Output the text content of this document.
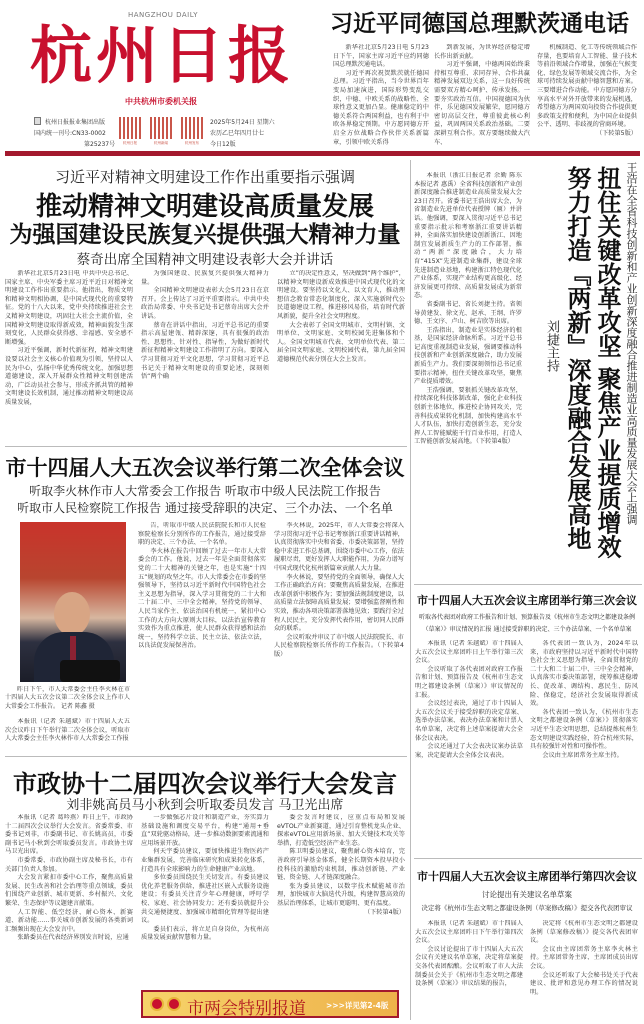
HANGZHOU DAILY
杭州日报
中共杭州市委机关报
杭州日报报业集团出版
国内统一刊号:CN33-0002
第25237号	杭州日报	杭州新闻	杭州发布
2025年5月24日 星期六
农历乙巳年四月廿七
今日12版
习近平同德国总理默茨通电话

新华社北京5月23日电 5月23日下午，国家主席习近平应约同德国总理默茨通电话。

习近平再次祝贺默茨就任德国总理。习近平指出，当今世界百年变局加速演进，国际形势变乱交织，中德、中欧关系的战略性、全球性意义更加凸显。健康稳定的中德关系符合两国利益，也有利于中欧各界稳定预期。中方愿同德方开启全方位战略合作伙伴关系新篇章，引领中欧关系得

到新发展，为世界经济稳定增长作出新贡献。

习近平强调，中德两国始终秉持相互尊重、求同存异、合作共赢精神发展双边关系，这一良好传统需要双方精心呵护、传承发扬。一要夯实政治互信。中国视德国为伙伴，乐见德国发展繁荣，愿同德方密切高层交往，尊重彼此核心利益，巩固两国关系政治基础。二要深耕互利合作。双方要继续做大汽车、

机械制造、化工等传统领域合作存量，也要培育人工智能、量子技术等前沿领域合作增量，加强在气候变化、绿色发展等领域交流合作，为全球可持续发展贡献中德智慧和方案。三要增进合作动能。中方愿同德方分享高水平对外开放带来的发展机遇，希望德方为两国双向投资合作提供更多政策支持和便利，为中国企业提供公平、透明、非歧视的营商环境。

（下转第5版）

习近平对精神文明建设工作作出重要指示强调
推动精神文明建设高质量发展
为强国建设民族复兴提供强大精神力量
蔡奇出席全国精神文明建设表彰大会并讲话

新华社北京5月23日电 中共中央总书记、国家主席、中央军委主席习近平近日对精神文明建设工作作出重要指示。他指出，物质文明和精神文明相协调，是中国式现代化的重要特征。党的十八大以来，党中央持续推进社会主义精神文明建设，巩固壮大社会主流价值，全国精神文明建设取得新成效，精神面貌发生深刻变化，人民群众获得感、幸福感、安全感不断增强。

习近平强调，新时代新征程，精神文明建设要以社会主义核心价值观为引领，坚持以人民为中心，弘扬中华优秀传统文化，加强思想道德建设，深入开展群众性精神文明创建活动，广泛动员社会参与，形成齐抓共管的精神文明建设长效机制，通过推动精神文明建设高质量发展，

为强国建设、民族复兴提供强大精神力量。

全国精神文明建设表彰大会5月23日在京召开。会上传达了习近平重要指示。中共中央政治局常委、中央书记处书记蔡奇出席大会并讲话。

蔡奇在讲话中指出，习近平总书记的重要指示高屋建瓴、精辟深邃，具有很强的政治性、思想性、针对性、指导性，为做好新时代新征程精神文明建设工作指明了方向。要深入学习贯彻习近平文化思想，学习贯彻习近平总书记关于精神文明建设的重要论述，深刻领悟“两个确

立”的决定性意义，坚决做到“两个维护”，以精神文明建设新成效推进中国式现代化的文明建设。要坚持以文化人、以文育人，推动理想信念教育常态化制度化，深入实施新时代公民道德建设工程，推进移风易俗，培育时代新风新貌，提升全社会文明程度。

大会表彰了全国文明城市、文明村镇、文明单位、文明家庭、文明校园先进集体和个人。全国文明城市代表、文明单位代表、第二届全国文明家庭、文明校园代表，第九届全国道德模范代表分别在大会上发言。

本报讯（浙江日报记者 余勤 陈东 本报记者 惠禹）全省科技创新和产业创新深度融合推进制造业高质量发展大会23日召开。省委书记王浩出席大会，为省制造业先进单位代表授牌（匾）并讲话。他强调，要深入贯彻习近平总书记重要指示批示和考察浙江重要讲话精神，全面落实加快建设创新浙江、因地制宜发展新质生产力的工作部署，推动“两新”深度融合，大力培育“415X”先进制造业集群，建设全球先进制造业基地，构建浙江特色现代化产业体系，实现产业结构更高级化、经济发展更可持续、高质量发展成为新常态。

省委副书记、省长刘捷主持。省领导黄建发、徐文光、赵承、王纲、许罗德、王文序、卢山、柯吉欣等出席。

王浩指出，制造业是实体经济的根基，是国家经济命脉所系。习近平总书记高度重视制造业发展，强调要推动科技创新和产业创新深度融合，助力发展新质生产力。我们要深刻领悟总书记重要指示精神，扭住关键改革攻坚，聚焦产业提质增效。

王浩强调，要狠抓关键改革攻坚，持续深化科技体制改革，强化企业科技创新主体地位，推进校企协同攻关，完善科技成果转化机制，加快构建高水平人才队伍，加快打造创新生态，充分发挥人工智能赋能千行百业作用，打造人工智能创新发展高地。（下转第4版）	王浩在全省科技创新和产业创新深度融合推进制造业高质量发展大会上强调
扭住关键改革攻坚 聚焦产业提质增效
努力打造『两新』深度融合发展高地
刘捷主持
市十四届人大五次会议举行第二次全体会议
听取李火林作市人大常委会工作报告 听取市中级人民法院工作报告
听取市人民检察院工作报告 通过接受辞职的决定、三个办法、一个名单

昨日下午，市人大常委会主任李火林在市十四届人大五次会议第二次全体会议上作市人大常委会工作报告。 记者 陈鑫 摄

本报讯（记者 朱越斌）市十四届人大五次会议昨日下午举行第二次全体会议，听取市人大常委会主任李火林作市人大常委会工作报

告，听取市中级人民法院院长和市人民检察院检察长分别所作的工作报告，通过接受辞职的决定、三个办法、一个名单。

李火林在报告中回顾了过去一年市人大常委会的工作。他说，过去一年是全面贯彻落实党的二十大精神的关键之年，也是实施“十四五”规划的攻坚之年。市人大常委会在市委的坚强领导下，坚持以习近平新时代中国特色社会主义思想为指导，深入学习贯彻党的二十大和二十届二中、三中全会精神，坚持党的领导、人民当家作主、依法治国有机统一，紧扣中心工作的大方向大原则大目标，以法治宣传教育实效作为重点推进，使人民群众获得感和法治统一，坚持科学立法、民主立法、依法立法，以良法促发展保善治。

李火林说，2025年，市人大常委会将深入学习贯彻习近平总书记考察浙江重要讲话精神，认真贯彻落实中央和省委、市委决策部署，坚持稳中求进工作总基调，围绕市委中心工作，依法履职尽责，更好发挥人大职能作用，为奋力谱写中国式现代化杭州新篇章贡献人大力量。

李火林说，要坚持党的全面领导，确保人大工作正确政治方向；要聚焦高质量发展，在推进改革创新中积极作为；要加强法规制度建设，以高质量立法保障高质量发展；要增强监督刚性和实效，推动各项决策部署落地见效；要践行全过程人民民主，充分发挥代表作用，密切同人民群众的联系。

会议听取并审议了市中级人民法院院长、市人民检察院检察长所作的工作报告。（下转第4版）

市政协十二届四次会议举行大会发言
刘非姚高员马小秋到会听取委员发言 马卫光出席

本报讯（记者 葛吟燕）昨日上午，市政协十二届四次会议举行大会发言。省委常委、市委书记刘非，市委副书记、市长姚高员，市委副书记马小秋到会听取委员发言。市政协主席马卫光出席。

市委常委、市政协副主席及秘书长，市有关部门负责人参加。

大会发言紧扣市委中心工作，聚焦高质量发展、民生改善和社会治理等重点领域，委员们围绕产业创新、城市更新、乡村振兴、文化繁荣、生态保护等议题建言献策。

人工智能、低空经济、耐心资本、新赛道、新动能……事关城市创新发展的各类新词汇频频出现在大会发言中。

张路委员在代表经济界别发言时说，应通

一步做强芯片设计和制造产业，夯实算力基础设施和调度交易平台，构建“通用+垂直”双轮驱动格局，进一步推动数据要素流通和应用场景开放。

何天宇委员建议，要加快推进生物医药产业集群发展，完善临床研究和成果转化体系，打造具有全球影响力的生命健康产业高地。

多位委员围绕民生关切发言。有委员建议优化养老服务供给，推进社区嵌入式服务设施建设；有委员关注青少年心理健康，呼吁学校、家庭、社会协同发力；还有委员就提升公共交通便捷度、加强城市精细化管理等提出建议。

委员们表示，将立足自身岗位，为杭州高质量发展贡献智慧和力量。

委会发言时建议，应重点布局和发展eVTOL产业新赛道，通过引育整机龙头企业、探索eVTOL应用新场景、加大关键技术攻关等举措，打造低空经济产业生态。

陈卫明委员建议，聚焦耐心资本培育，完善政府引导基金体系，健全长期资本投早投小投科技的激励约束机制，推动创新链、产业链、资金链、人才链深度融合。

张为委员建议，以数字技术赋能城市治理，加快城市大脑迭代升级，构建智慧高效的基层治理体系，让城市更聪明、更有温度。

（下转第4版）

市两会特别报道	>>>详见第2-4版
市十四届人大五次会议主席团举行第三次会议
听取各代表团对政府工作报告和计划、预算报告及《杭州市生态文明之都建设条例
（草案）》审议情况的汇报 通过接受辞职的决定、三个办法草案、一个名单草案

本报讯（记者 朱越斌）市十四届人大五次会议主席团昨日上午举行第三次会议。

会议听取了各代表团对政府工作报告和计划、预算报告及《杭州市生态文明之都建设条例（草案）》审议情况的汇报。

会议经过表决，通过了市十四届人大五次会议关于接受辞职的决定草案、选举办法草案、表决办法草案和计票人名单草案，决定将上述草案提请大会全体会议表决。

会议还通过了大会表决议案办法草案，决定提请大会全体会议表决。

各代表团一致认为，2024年以来，市政府坚持以习近平新时代中国特色社会主义思想为指导，全面贯彻党的二十大和二十届二中、三中全会精神，认真落实市委决策部署，统筹推进稳增长、促改革、调结构、惠民生、防风险、保稳定，经济社会发展取得新成效。

各代表团一致认为，《杭州市生态文明之都建设条例（草案）》贯彻落实习近平生态文明思想，总结提炼杭州生态文明建设实践经验，符合杭州实际，具有较强针对性和可操作性。

会议由主席团常务主席主持。

市十四届人大五次会议主席团举行第四次会议
讨论提出有关建议名单草案
决定将《杭州市生态文明之都建设条例（草案修改稿）》提交各代表团审议

本报讯（记者 朱越斌）市十四届人大五次会议主席团昨日下午举行第四次会议。

会议讨论提出了市十四届人大五次会议有关建议名单草案，决定将草案提交各代表团酝酿。会议听取了市人大法制委员会关于《杭州市生态文明之都建设条例（草案）》审议结果的报告，

决定将《杭州市生态文明之都建设条例（草案修改稿）》提交各代表团审议。

会议由主席团常务主席李火林主持。主席团常务主席、主席团成员出席会议。

会议还听取了大会秘书处关于代表建议、批评和意见办理工作的情况说明。
